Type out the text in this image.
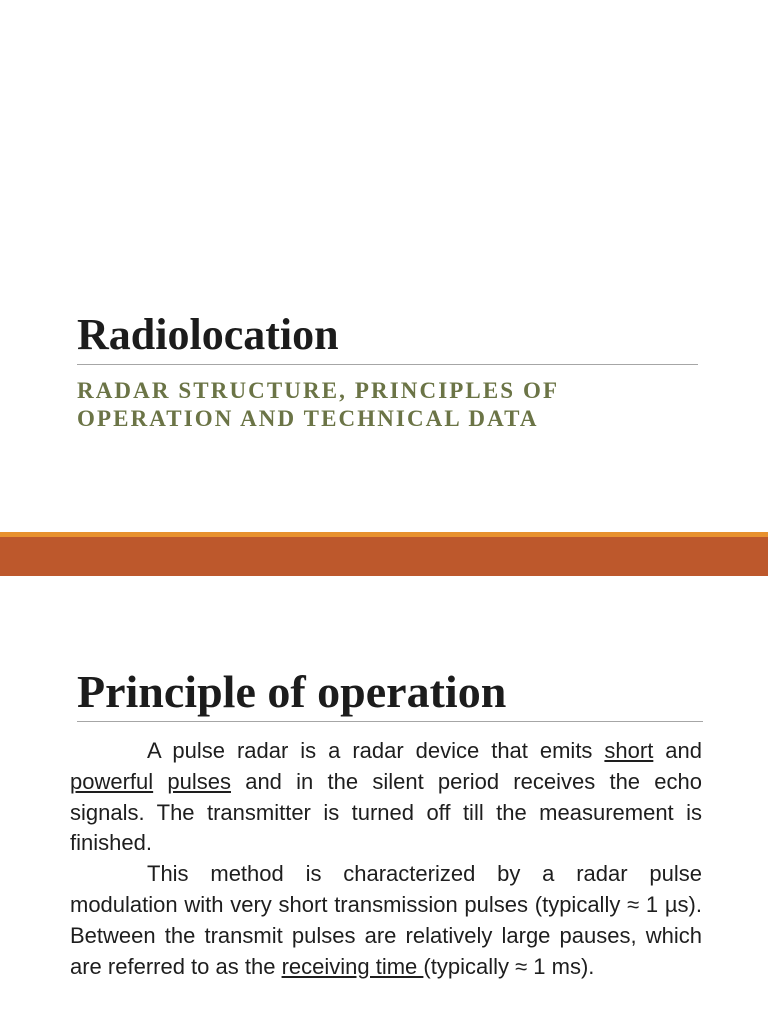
Radiolocation
RADAR STRUCTURE, PRINCIPLES OF
OPERATION AND TECHNICAL DATA
Principle of operation

A pulse radar is a radar device that emits short and powerful pulses and in the silent period receives the echo signals. The transmitter is turned off till the measurement is finished.

This method is characterized by a radar pulse modulation with very short transmission pulses (typically ≈ 1 µs). Between the transmit pulses are relatively large pauses, which are referred to as the receiving time (typically ≈ 1 ms).
